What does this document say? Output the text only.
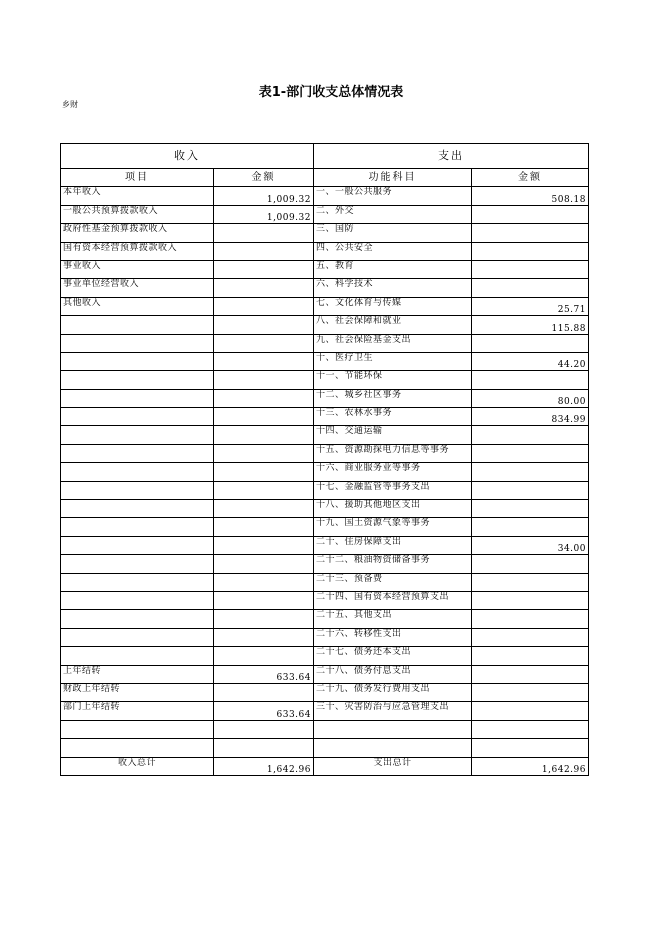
表1-部门收支总体情况表
乡财
收入		支出	
项目	金额	功能科目	金额
本年收入	1,009.32	一、一般公共服务	508.18
一般公共预算拨款收入	1,009.32	二、外交	
政府性基金预算拨款收入		三、国防	
国有资本经营预算拨款收入		四、公共安全	
事业收入		五、教育	
事业单位经营收入		六、科学技术	
其他收入		七、文化体育与传媒	25.71
		八、社会保障和就业	115.88
		九、社会保险基金支出	
		十、医疗卫生	44.20
		十一、节能环保	
		十二、城乡社区事务	80.00
		十三、农林水事务	834.99
		十四、交通运输	
		十五、资源勘探电力信息等事务	
		十六、商业服务业等事务	
		十七、金融监管等事务支出	
		十八、援助其他地区支出	
		十九、国土资源气象等事务	
		二十、住房保障支出	34.00
		二十二、粮油物资储备事务	
		二十三、预备费	
		二十四、国有资本经营预算支出	
		二十五、其他支出	
		二十六、转移性支出	
		二十七、债务还本支出	
上年结转	633.64	二十八、债务付息支出	
财政上年结转		二十九、债务发行费用支出	
部门上年结转	633.64	三十、灾害防治与应急管理支出	

收入总计	1,642.96	支出总计	1,642.96
